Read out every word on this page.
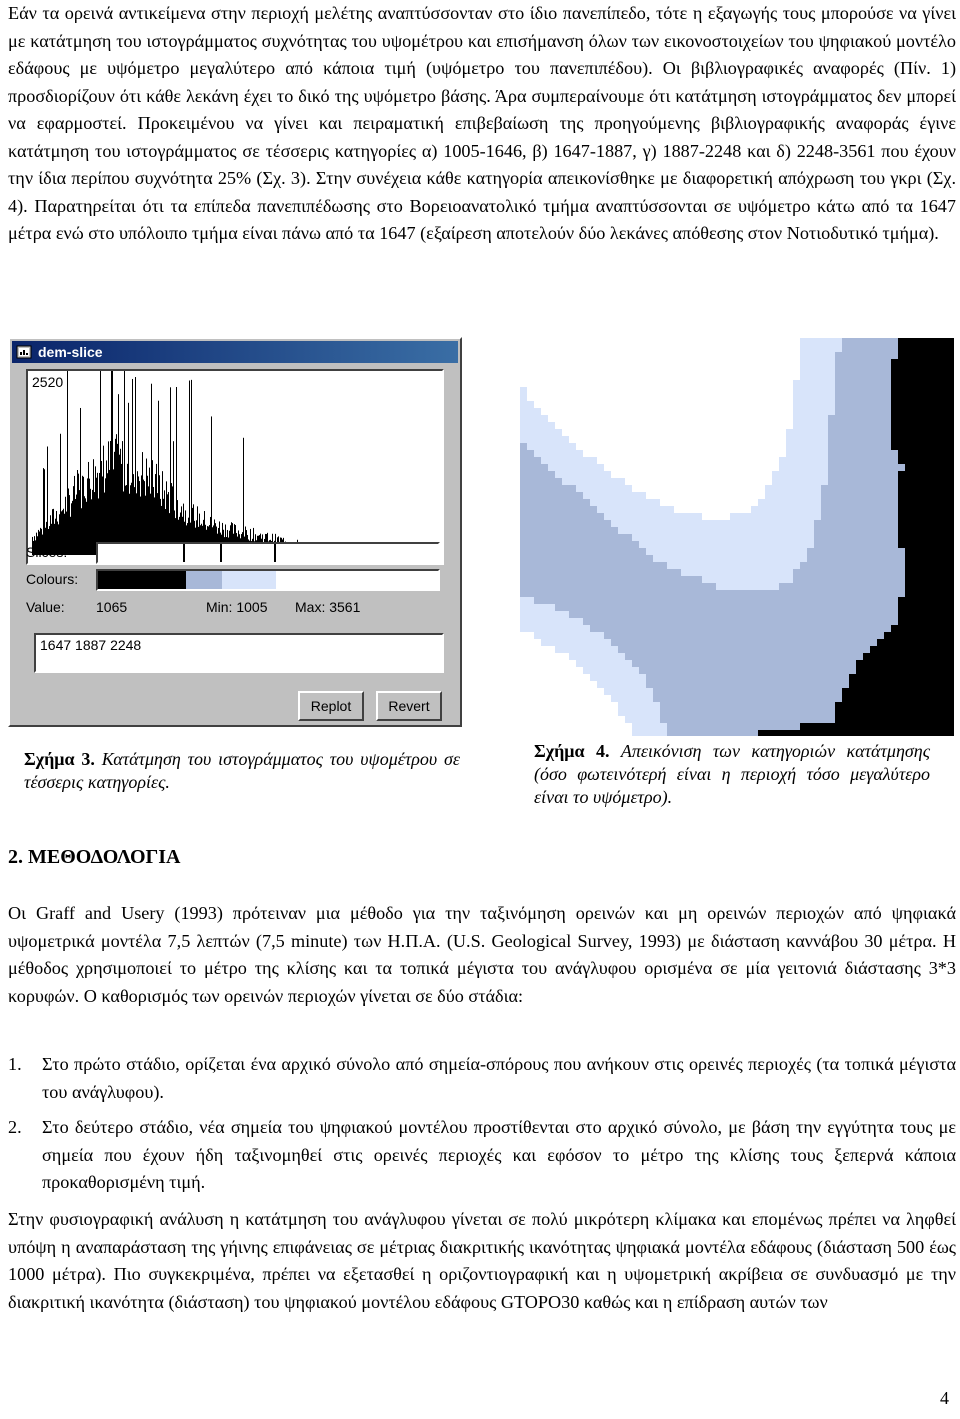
Εάν τα ορεινά αντικείμενα στην περιοχή μελέτης αναπτύσσονταν στο ίδιο πανεπίπεδο, τότε η εξαγωγής τους μπορούσε να γίνει με κατάτμηση του ιστογράμματος συχνότητας του υψομέτρου και επισήμανση όλων των εικονοστοιχείων του ψηφιακού μοντέλο εδάφους με υψόμετρο μεγαλύτερο από κάποια τιμή (υψόμετρο του πανεπιπέδου). Οι βιβλιογραφικές αναφορές (Πίν. 1) προσδιορίζουν ότι κάθε λεκάνη έχει το δικό της υψόμετρο βάσης. Άρα συμπεραίνουμε ότι κατάτμηση ιστογράμματος δεν μπορεί να εφαρμοστεί. Προκειμένου να γίνει και πειραματική επιβεβαίωση της προηγούμενης βιβλιογραφικής αναφοράς έγινε κατάτμηση του ιστογράμματος σε τέσσερις κατηγορίες α) 1005-1646, β) 1647-1887, γ) 1887-2248 και δ) 2248-3561 που έχουν την ίδια περίπου συχνότητα 25% (Σχ. 3). Στην συνέχεια κάθε κατηγορία απεικονίσθηκε με διαφορετική απόχρωση του γκρι (Σχ. 4). Παρατηρείται ότι τα επίπεδα πανεπιπέδωσης στο Βορειοανατολικό τμήμα αναπτύσσονται σε υψόμετρο κάτω από τα 1647 μέτρα ενώ στο υπόλοιπο τμήμα είναι πάνω από τα 1647 (εξαίρεση αποτελούν δύο λεκάνες απόθεσης στον Νοτιοδυτικό τμήμα).

dem-slice
2520
Slices:
Colours:
Value: 1065	Min: 1005 Max: 3561
1647 1887 2248
Replot	Revert
Σχήμα 3. Κατάτμηση του ιστογράμματος του υψομέτρου σε τέσσερις κατηγορίες.
Σχήμα 4. Απεικόνιση των κατηγοριών κατάτμησης (όσο φωτεινότερή είναι η περιοχή τόσο μεγαλύτερο είναι το υψόμετρο).
2. ΜΕΘΟΔΟΛΟΓΙΑ

Οι Graff and Usery (1993) πρότειναν μια μέθοδο για την ταξινόμηση ορεινών και μη ορεινών περιοχών από ψηφιακά υψομετρικά μοντέλα 7,5 λεπτών (7,5 minute) των Η.Π.Α. (U.S. Geological Survey, 1993) με διάσταση καννάβου 30 μέτρα. Η μέθοδος χρησιμοποιεί το μέτρο της κλίσης και τα τοπικά μέγιστα του ανάγλυφου ορισμένα σε μία γειτονιά διάστασης 3*3 κορυφών. Ο καθορισμός των ορεινών περιοχών γίνεται σε δύο στάδια:

1. Στο πρώτο στάδιο, ορίζεται ένα αρχικό σύνολο από σημεία-σπόρους που ανήκουν στις ορεινές περιοχές (τα τοπικά μέγιστα του ανάγλυφου).
2. Στο δεύτερο στάδιο, νέα σημεία του ψηφιακού μοντέλου προστίθενται στο αρχικό σύνολο, με βάση την εγγύτητα τους με σημεία που έχουν ήδη ταξινομηθεί στις ορεινές περιοχές και εφόσον το μέτρο της κλίσης τους ξεπερνά κάποια προκαθορισμένη τιμή.

Στην φυσιογραφική ανάλυση η κατάτμηση του ανάγλυφου γίνεται σε πολύ μικρότερη κλίμακα και επομένως πρέπει να ληφθεί υπόψη η αναπαράσταση της γήινης επιφάνειας σε μέτριας διακριτικής ικανότητας ψηφιακά μοντέλα εδάφους (διάσταση 500 έως 1000 μέτρα). Πιο συγκεκριμένα, πρέπει να εξετασθεί η οριζοντιογραφική και η υψομετρική ακρίβεια σε συνδυασμό με την διακριτική ικανότητα (διάσταση) του ψηφιακού μοντέλου εδάφους GTOPO30 καθώς και η επίδραση αυτών των

4
